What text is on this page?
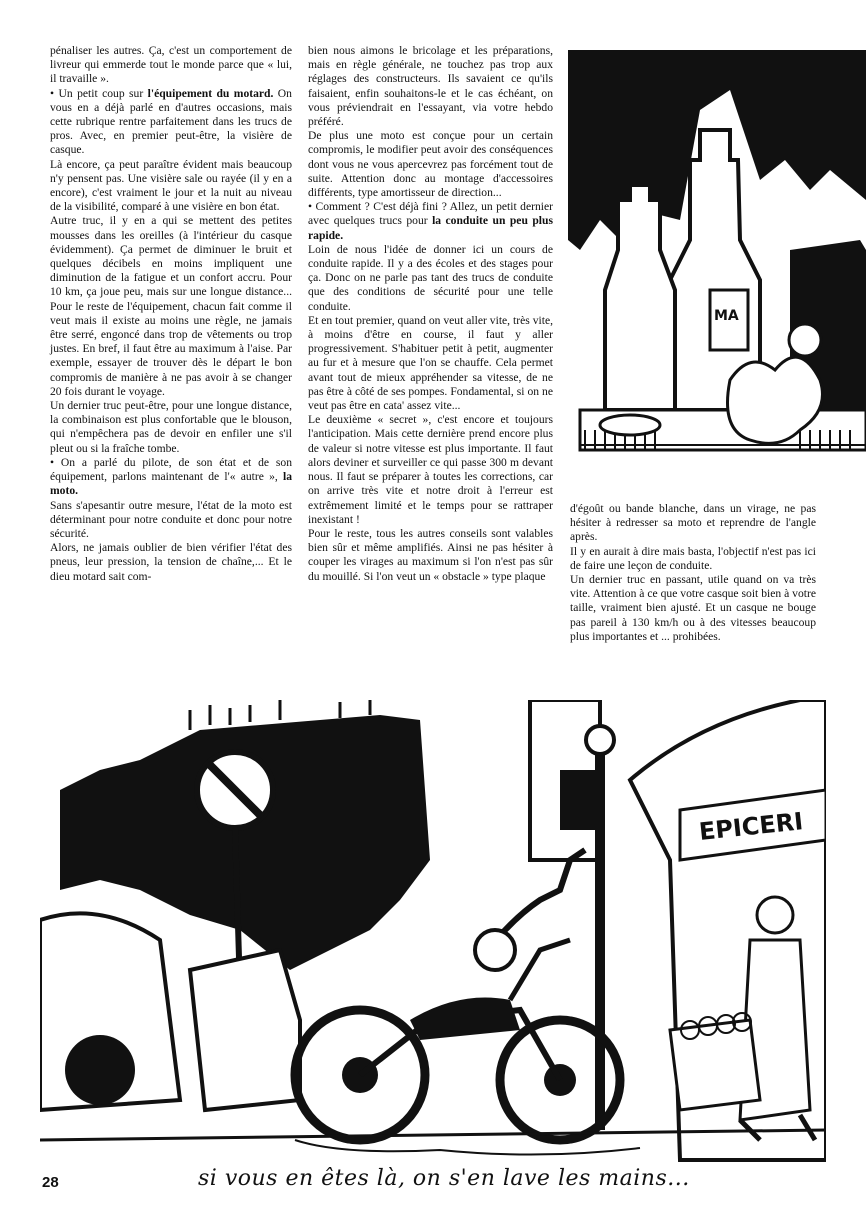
pénaliser les autres. Ça, c'est un comportement de livreur qui emmerde tout le monde parce que « lui, il travaille ».

• Un petit coup sur l'équipement du motard. On vous en a déjà parlé en d'autres occasions, mais cette rubrique rentre parfaitement dans les trucs de pros. Avec, en premier peut-être, la visière de casque.

Là encore, ça peut paraître évident mais beaucoup n'y pensent pas. Une visière sale ou rayée (il y en a encore), c'est vraiment le jour et la nuit au niveau de la visibilité, comparé à une visière en bon état.

Autre truc, il y en a qui se mettent des petites mousses dans les oreilles (à l'intérieur du casque évidemment). Ça permet de diminuer le bruit et quelques décibels en moins impliquent une diminution de la fatigue et un confort accru. Pour 10 km, ça joue peu, mais sur une longue distance... Pour le reste de l'équipement, chacun fait comme il veut mais il existe au moins une règle, ne jamais être serré, engoncé dans trop de vêtements ou trop justes. En bref, il faut être au maximum à l'aise. Par exemple, essayer de trouver dès le départ le bon compromis de manière à ne pas avoir à se changer 20 fois durant le voyage.

Un dernier truc peut-être, pour une longue distance, la combinaison est plus confortable que le blouson, qui n'empêchera pas de devoir en enfiler une s'il pleut ou si la fraîche tombe.

• On a parlé du pilote, de son état et de son équipement, parlons maintenant de l'« autre », la moto.

Sans s'apesantir outre mesure, l'état de la moto est déterminant pour notre conduite et donc pour notre sécurité.

Alors, ne jamais oublier de bien vérifier l'état des pneus, leur pression, la tension de chaîne,... Et le dieu motard sait com-

bien nous aimons le bricolage et les préparations, mais en règle générale, ne touchez pas trop aux réglages des constructeurs. Ils savaient ce qu'ils faisaient, enfin souhaitons-le et le cas échéant, on vous préviendrait en l'essayant, via votre hebdo préféré.

De plus une moto est conçue pour un certain compromis, le modifier peut avoir des conséquences dont vous ne vous apercevrez pas forcément tout de suite. Attention donc au montage d'accessoires différents, type amortisseur de direction...

• Comment ? C'est déjà fini ? Allez, un petit dernier avec quelques trucs pour la conduite un peu plus rapide.

Loin de nous l'idée de donner ici un cours de conduite rapide. Il y a des écoles et des stages pour ça. Donc on ne parle pas tant des trucs de conduite que des conditions de sécurité pour une telle conduite.

Et en tout premier, quand on veut aller vite, très vite, à moins d'être en course, il faut y aller progressivement. S'habituer petit à petit, augmenter au fur et à mesure que l'on se chauffe. Cela permet avant tout de mieux appréhender sa vitesse, de ne pas être à côté de ses pompes. Fondamental, si on ne veut pas être en cata' assez vite...

Le deuxième « secret », c'est encore et toujours l'anticipation. Mais cette dernière prend encore plus de valeur si notre vitesse est plus importante. Il faut alors deviner et surveiller ce qui passe 300 m devant nous. Il faut se préparer à toutes les corrections, car on arrive très vite et notre droit à l'erreur est extrêmement limité et le temps pour se rattraper inexistant !

Pour le reste, tous les autres conseils sont valables bien sûr et même amplifiés. Ainsi ne pas hésiter à couper les virages au maximum si l'on n'est pas sûr du mouillé. Si l'on veut un « obstacle » type plaque

d'égoût ou bande blanche, dans un virage, ne pas hésiter à redresser sa moto et reprendre de l'angle après.

Il y en aurait à dire mais basta, l'objectif n'est pas ici de faire une leçon de conduite.

Un dernier truc en passant, utile quand on va très vite. Attention à ce que votre casque soit bien à votre taille, vraiment bien ajusté. Et un casque ne bouge pas pareil à 130 km/h ou à des vitesses beaucoup plus importantes et ... prohibées.

MA
EPICERI
28	si vous en êtes là, on s'en lave les mains...
